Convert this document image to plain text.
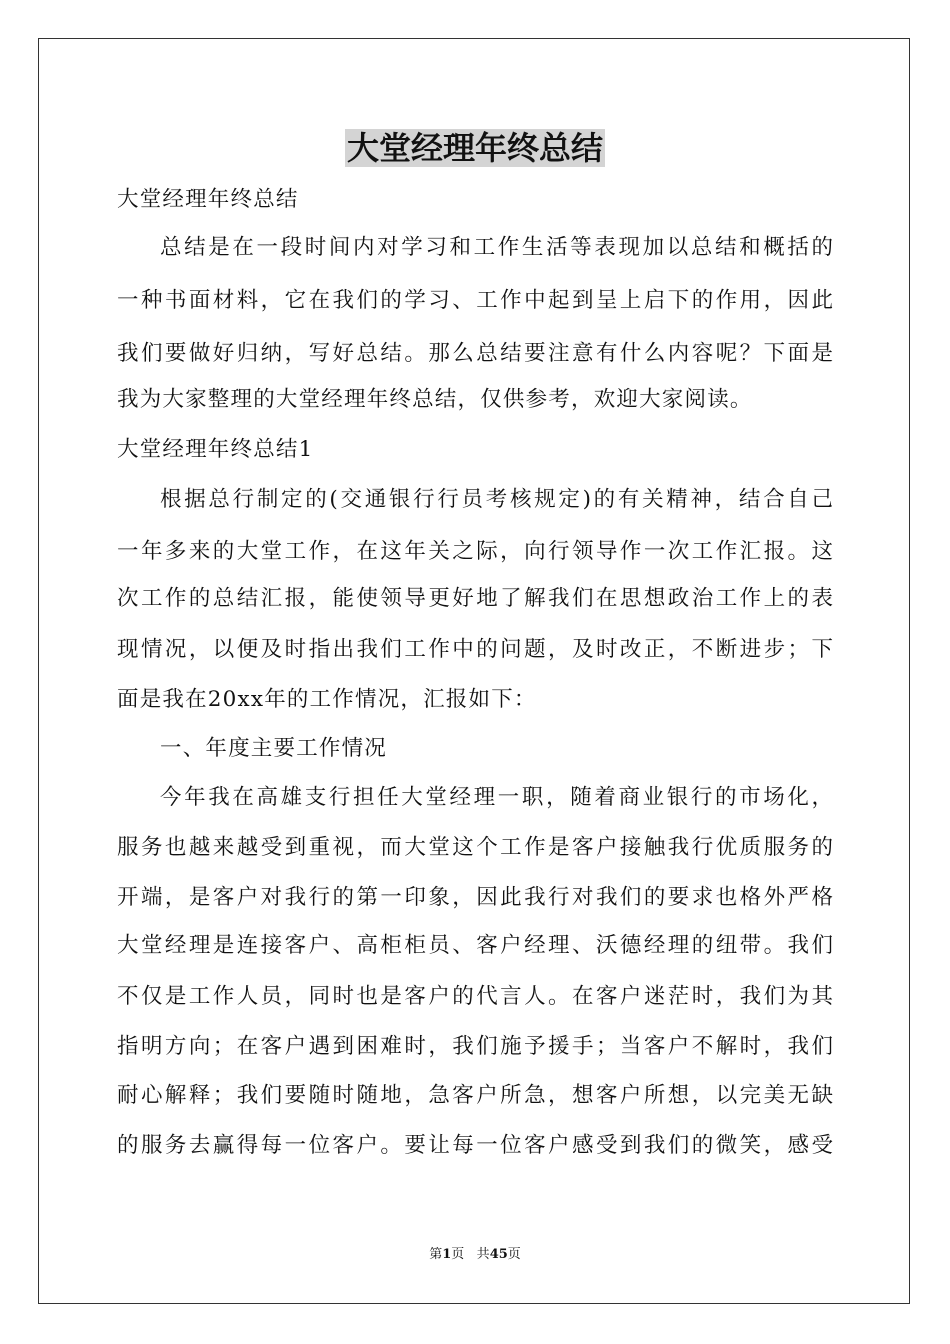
大堂经理年终总结
大堂经理年终总结
总结是在一段时间内对学习和工作生活等表现加以总结和概括的
一种书面材料，它在我们的学习、工作中起到呈上启下的作用，因此
我们要做好归纳，写好总结。那么总结要注意有什么内容呢？下面是
我为大家整理的大堂经理年终总结，仅供参考，欢迎大家阅读。
大堂经理年终总结1
根据总行制定的(交通银行行员考核规定)的有关精神，结合自己
一年多来的大堂工作，在这年关之际，向行领导作一次工作汇报。这
次工作的总结汇报，能使领导更好地了解我们在思想政治工作上的表
现情况，以便及时指出我们工作中的问题，及时改正，不断进步；下
面是我在20xx年的工作情况，汇报如下：
一、年度主要工作情况
今年我在高雄支行担任大堂经理一职，随着商业银行的市场化，
服务也越来越受到重视，而大堂这个工作是客户接触我行优质服务的
开端，是客户对我行的第一印象，因此我行对我们的要求也格外严格
大堂经理是连接客户、高柜柜员、客户经理、沃德经理的纽带。我们
不仅是工作人员，同时也是客户的代言人。在客户迷茫时，我们为其
指明方向；在客户遇到困难时，我们施予援手；当客户不解时，我们
耐心解释；我们要随时随地，急客户所急，想客户所想，以完美无缺
的服务去赢得每一位客户。要让每一位客户感受到我们的微笑，感受
第1页 共45页
